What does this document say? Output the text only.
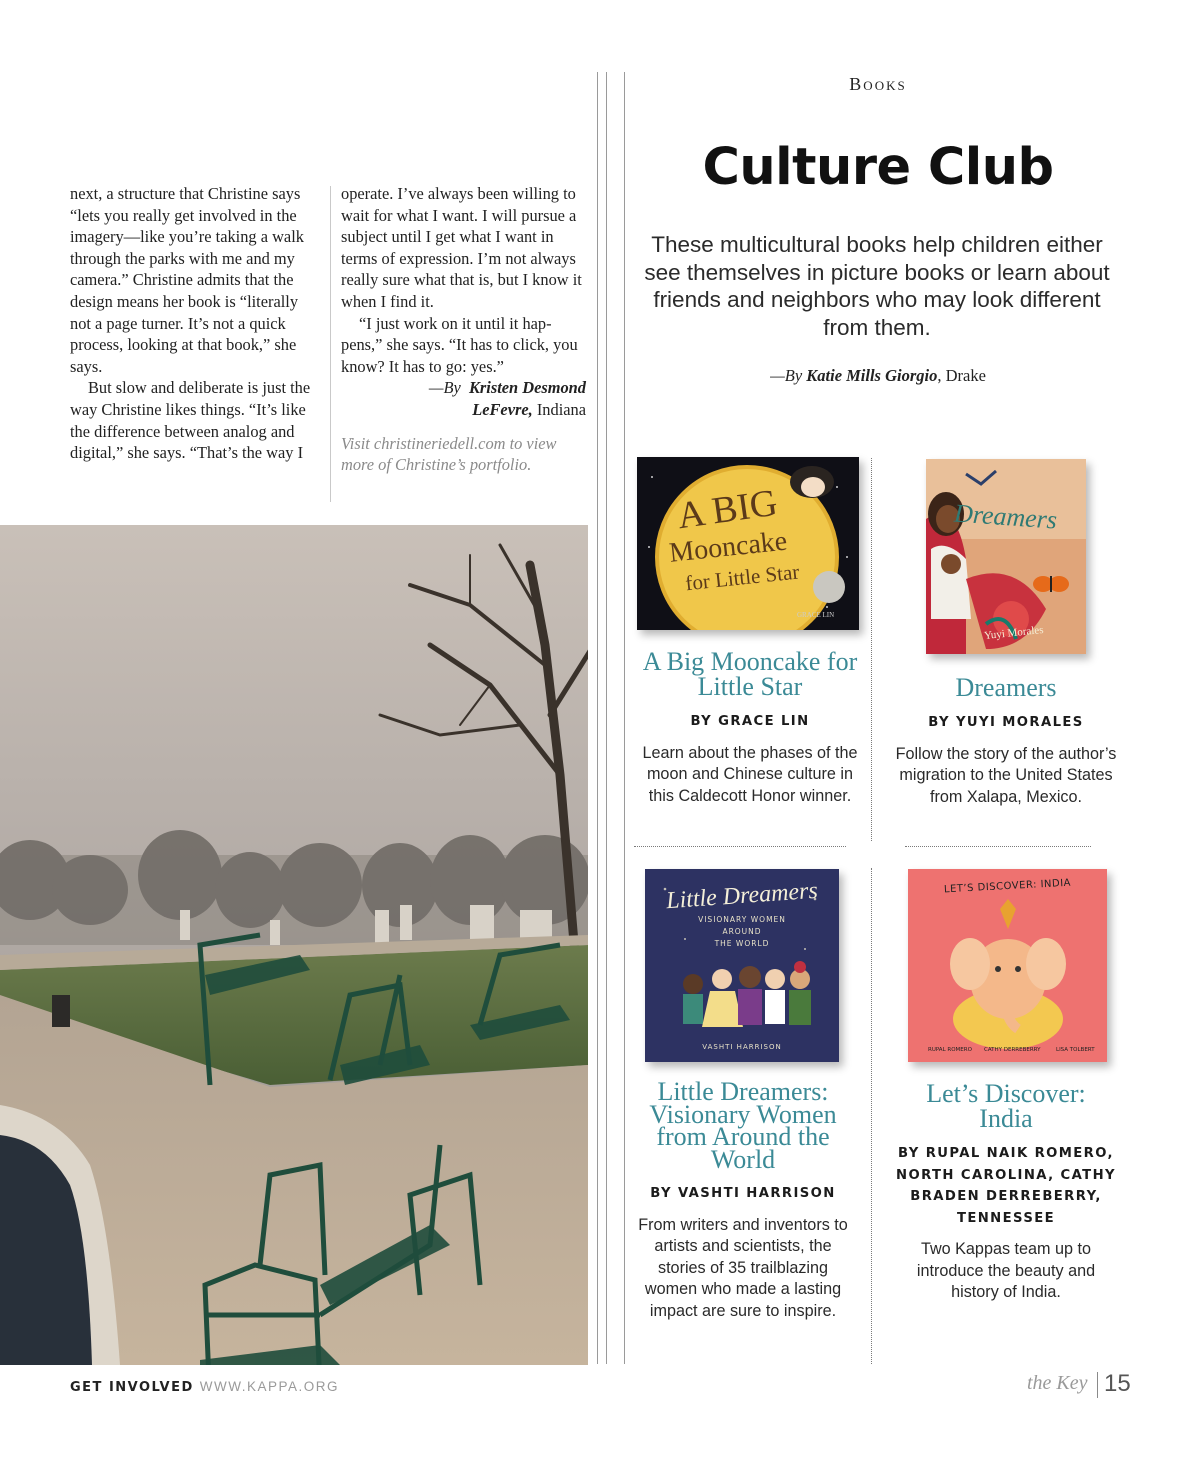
next, a structure that Christine says “lets you really get involved in the imagery—like you’re taking a walk through the parks with me and my camera.” Christine admits that the design means her book is “literally not a page turner. It’s not a quick process, looking at that book,” she says.

But slow and deliberate is just the way Christine likes things. “It’s like the difference between analog and digital,” she says. “That’s the way I

operate. I’ve always been willing to wait for what I want. I will pursue a subject until I get what I want in terms of expression. I’m not always really sure what that is, but I know it when I find it.

“I just work on it until it hap-pens,” she says. “It has to click, you know? It has to go: yes.”

—By Kristen Desmond
LeFevre, Indiana

Visit christineriedell.com to view more of Christine’s portfolio.

Books
Culture Club
These multicultural books help children either see themselves in picture books or learn about friends and neighbors who may look different from them.
—By Katie Mills Giorgio, Drake
A BIG
Mooncake
for Little Star
GRACE LIN
Dreamers
Yuyi Morales
Little Dreamers
VISIONARY WOMEN
AROUND
THE WORLD
VASHTI HARRISON
LET’S DISCOVER: INDIA
RUPAL ROMERO CATHY DERREBERRY	LISA TOLBERT
A Big Mooncake for Little Star
BY GRACE LIN
Learn about the phases of the moon and Chinese culture in this Caldecott Honor winner.
Dreamers
BY YUYI MORALES
Follow the story of the author’s migration to the United States from Xalapa, Mexico.
Little Dreamers: Visionary Women from Around the World
BY VASHTI HARRISON
From writers and inventors to artists and scientists, the stories of 35 trailblazing women who made a lasting impact are sure to inspire.
Let’s Discover: India
BY RUPAL NAIK ROMERO, NORTH CAROLINA, CATHY BRADEN DERREBERRY, TENNESSEE
Two Kappas team up to introduce the beauty and history of India.
GET INVOLVED WWW.KAPPA.ORG	the Key 15
